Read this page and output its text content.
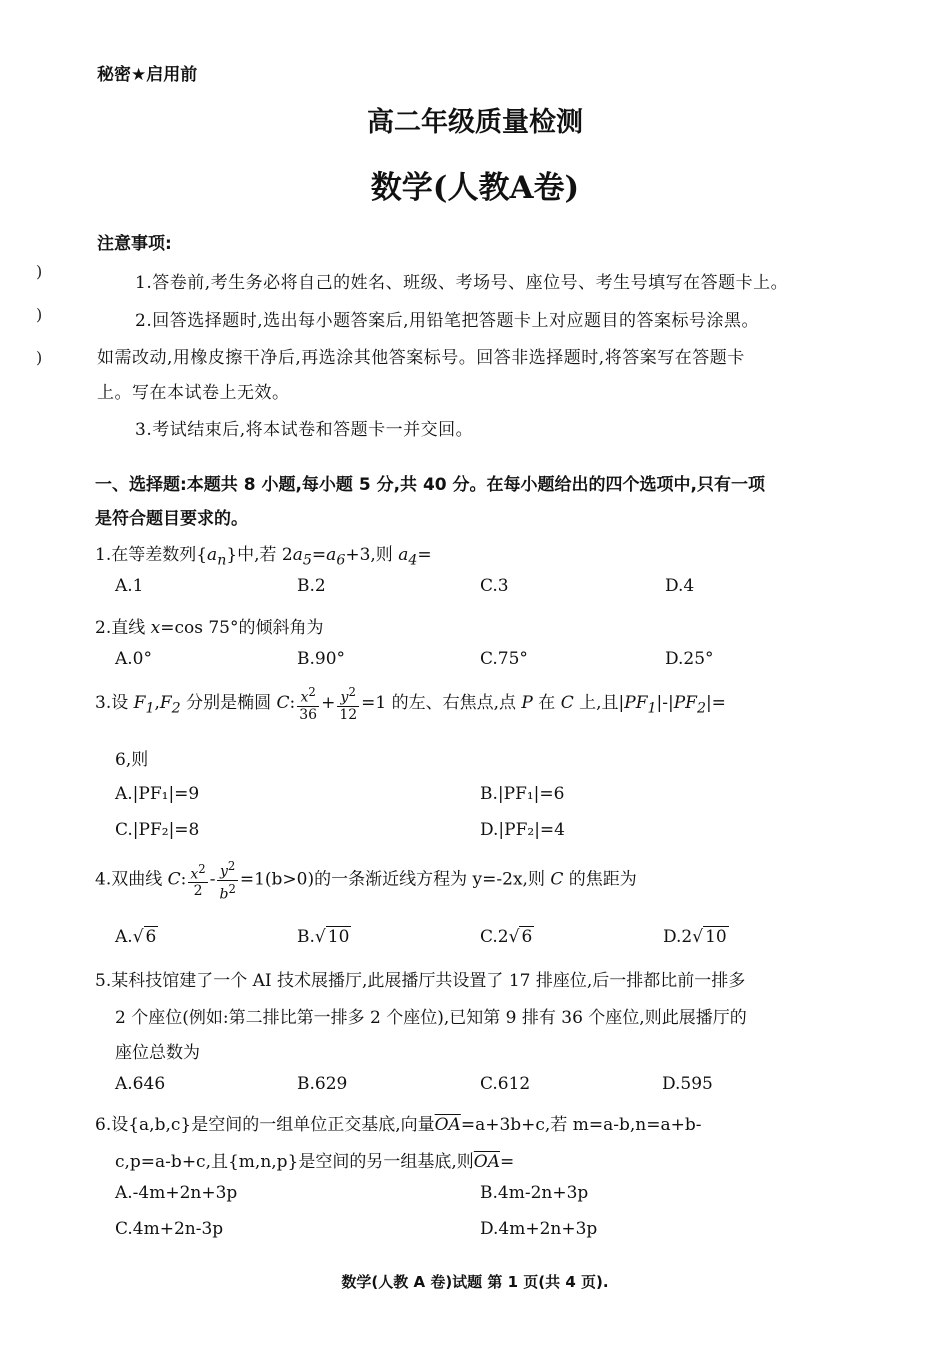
秘密★启用前
高二年级质量检测
数学(人教A卷)
)
)
)
注意事项:
1.答卷前,考生务必将自己的姓名、班级、考场号、座位号、考生号填写在答题卡上。
2.回答选择题时,选出每小题答案后,用铅笔把答题卡上对应题目的答案标号涂黑。
如需改动,用橡皮擦干净后,再选涂其他答案标号。回答非选择题时,将答案写在答题卡
上。写在本试卷上无效。
3.考试结束后,将本试卷和答题卡一并交回。
一、选择题:本题共 8 小题,每小题 5 分,共 40 分。在每小题给出的四个选项中,只有一项
是符合题目要求的。
1.在等差数列$\{a_n\}$中,若 $2a_5=a_6+3$,则 $a_4=$
A.1	B.2	C.3	D.4
2.直线 x=cos 75°的倾斜角为
A.0°	B.90°	C.75°	D.25°
3.设 $F_1,F_2$ 分别是椭圆 C: $\frac{x^2}{36} + \frac{y^2}{12} =1$ 的左、右焦点,点 P 在 C 上,且$|PF_1|-|PF_2|=$
6,则
A.|PF₁|=9	B.|PF₁|=6
C.|PF₂|=8	D.|PF₂|=4
4.双曲线 C: $\frac{x^2}{2} - \frac{y^2}{b^2} =1(b>0)$的一条渐近线方程为 y=-2x,则 C 的焦距为
A.√ 6	B.√ 10	C.2√ 6	D.2√ 10
5.某科技馆建了一个 AI 技术展播厅,此展播厅共设置了 17 排座位,后一排都比前一排多
2 个座位(例如:第二排比第一排多 2 个座位),已知第 9 排有 36 个座位,则此展播厅的
座位总数为
A.646	B.629	C.612	D.595
6.设{a,b,c}是空间的一组单位正交基底,向量$\overline{OA}=a+3b+c$,若 m=a-b,n=a+b-
c,p=a-b+c,且{m,n,p}是空间的另一组基底,则$\overline{OA}=$
A.-4m+2n+3p	B.4m-2n+3p
C.4m+2n-3p	D.4m+2n+3p
数学(人教 A 卷)试题 第 1 页(共 4 页).
